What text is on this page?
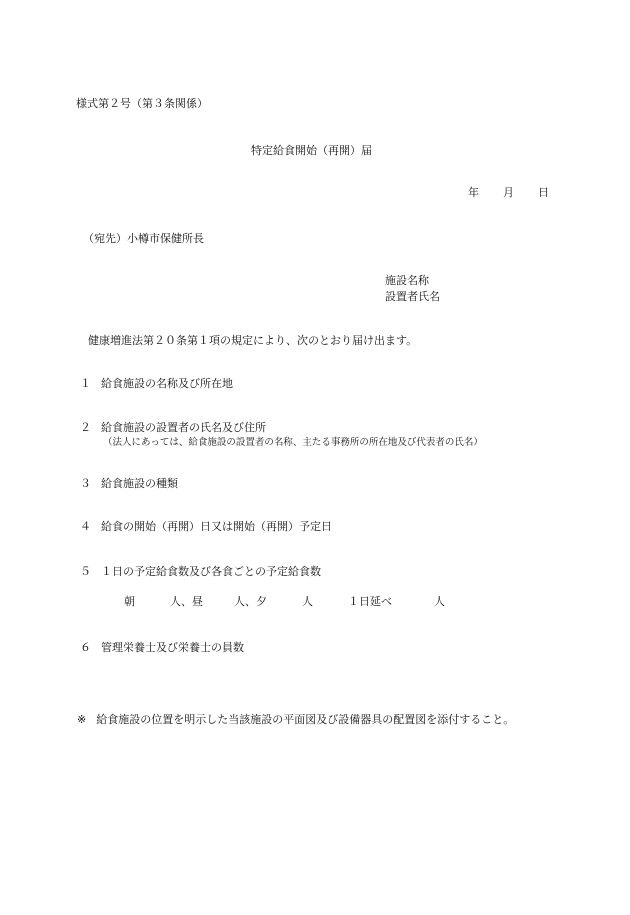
様式第２号（第３条関係）
特定給食開始（再開）届
年 月 日
（宛先）小樽市保健所長
施設名称
設置者氏名
健康増進法第２０条第１項の規定により、次のとおり届け出ます。
１ 給食施設の名称及び所在地
２ 給食施設の設置者の氏名及び住所
（法人にあっては、給食施設の設置者の名称、主たる事務所の所在地及び代表者の氏名）
３ 給食施設の種類
４ 給食の開始（再開）日又は開始（再開）予定日
５ １日の予定給食数及び各食ごとの予定給食数
朝	人、昼	人、夕	人	１日延べ	人
６ 管理栄養士及び栄養士の員数
※ 給食施設の位置を明示した当該施設の平面図及び設備器具の配置図を添付すること。
